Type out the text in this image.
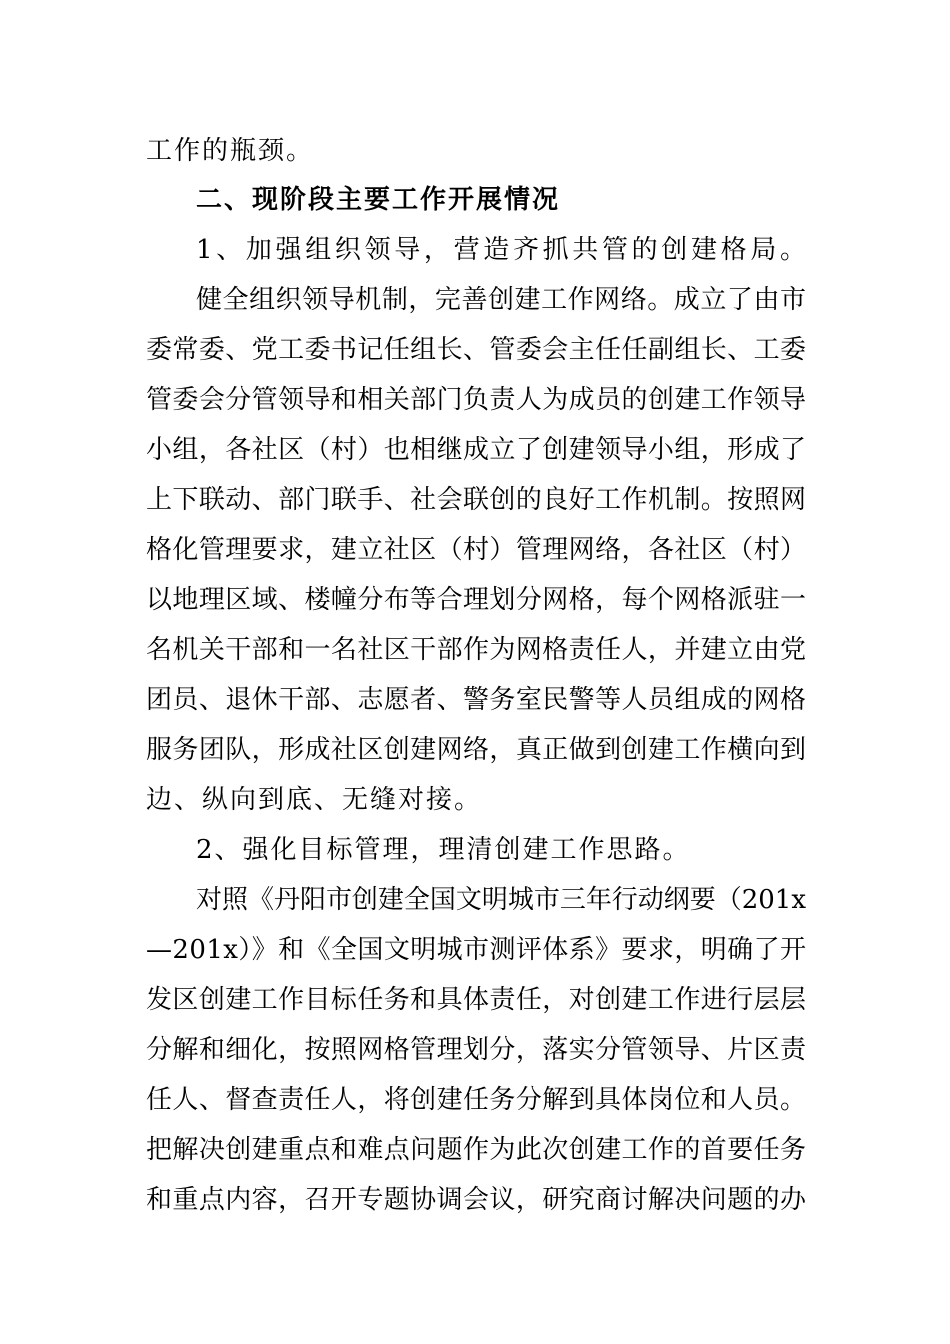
工作的瓶颈。
二、现阶段主要工作开展情况
1、加强组织领导，营造齐抓共管的创建格局。
健全组织领导机制，完善创建工作网络。成立了由市
委常委、党工委书记任组长、管委会主任任副组长、工委
管委会分管领导和相关部门负责人为成员的创建工作领导
小组，各社区（村）也相继成立了创建领导小组，形成了
上下联动、部门联手、社会联创的良好工作机制。按照网
格化管理要求，建立社区（村）管理网络，各社区（村）
以地理区域、楼幢分布等合理划分网格，每个网格派驻一
名机关干部和一名社区干部作为网格责任人，并建立由党
团员、退休干部、志愿者、警务室民警等人员组成的网格
服务团队，形成社区创建网络，真正做到创建工作横向到
边、纵向到底、无缝对接。
2、强化目标管理，理清创建工作思路。
对照《丹阳市创建全国文明城市三年行动纲要（201x
—201x）》和《全国文明城市测评体系》要求，明确了开
发区创建工作目标任务和具体责任，对创建工作进行层层
分解和细化，按照网格管理划分，落实分管领导、片区责
任人、督查责任人，将创建任务分解到具体岗位和人员。
把解决创建重点和难点问题作为此次创建工作的首要任务
和重点内容，召开专题协调会议，研究商讨解决问题的办
